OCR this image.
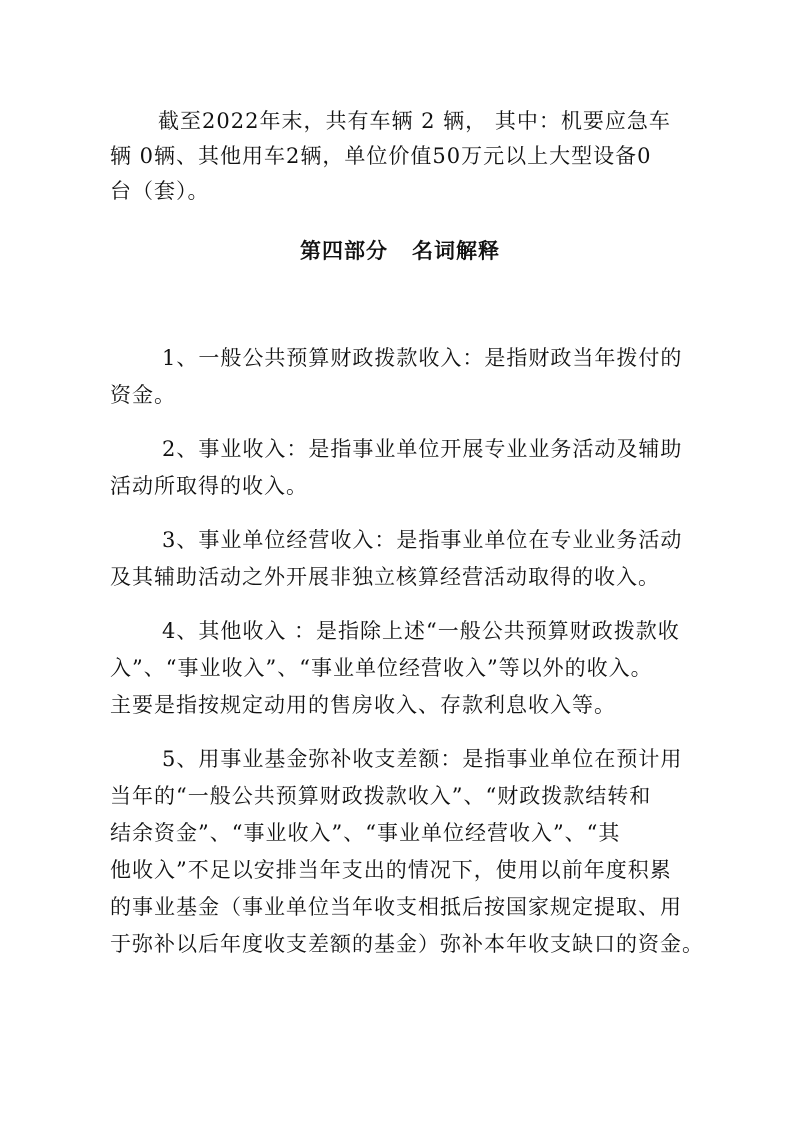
截至2022年末，共有车辆 2 辆， 其中：机要应急车
辆 0辆、其他用车2辆，单位价值50万元以上大型设备0
台（套）。
第四部分 名词解释
1、一般公共预算财政拨款收入：是指财政当年拨付的
资金。
2、事业收入：是指事业单位开展专业业务活动及辅助
活动所取得的收入。
3、事业单位经营收入：是指事业单位在专业业务活动
及其辅助活动之外开展非独立核算经营活动取得的收入。
4、其他收入 ：是指除上述“一般公共预算财政拨款收
入”、“事业收入”、“事业单位经营收入”等以外的收入。
主要是指按规定动用的售房收入、存款利息收入等。
5、用事业基金弥补收支差额：是指事业单位在预计用
当年的“一般公共预算财政拨款收入”、“财政拨款结转和
结余资金”、“事业收入”、“事业单位经营收入”、“其
他收入”不足以安排当年支出的情况下，使用以前年度积累
的事业基金（事业单位当年收支相抵后按国家规定提取、用
于弥补以后年度收支差额的基金）弥补本年收支缺口的资金。
